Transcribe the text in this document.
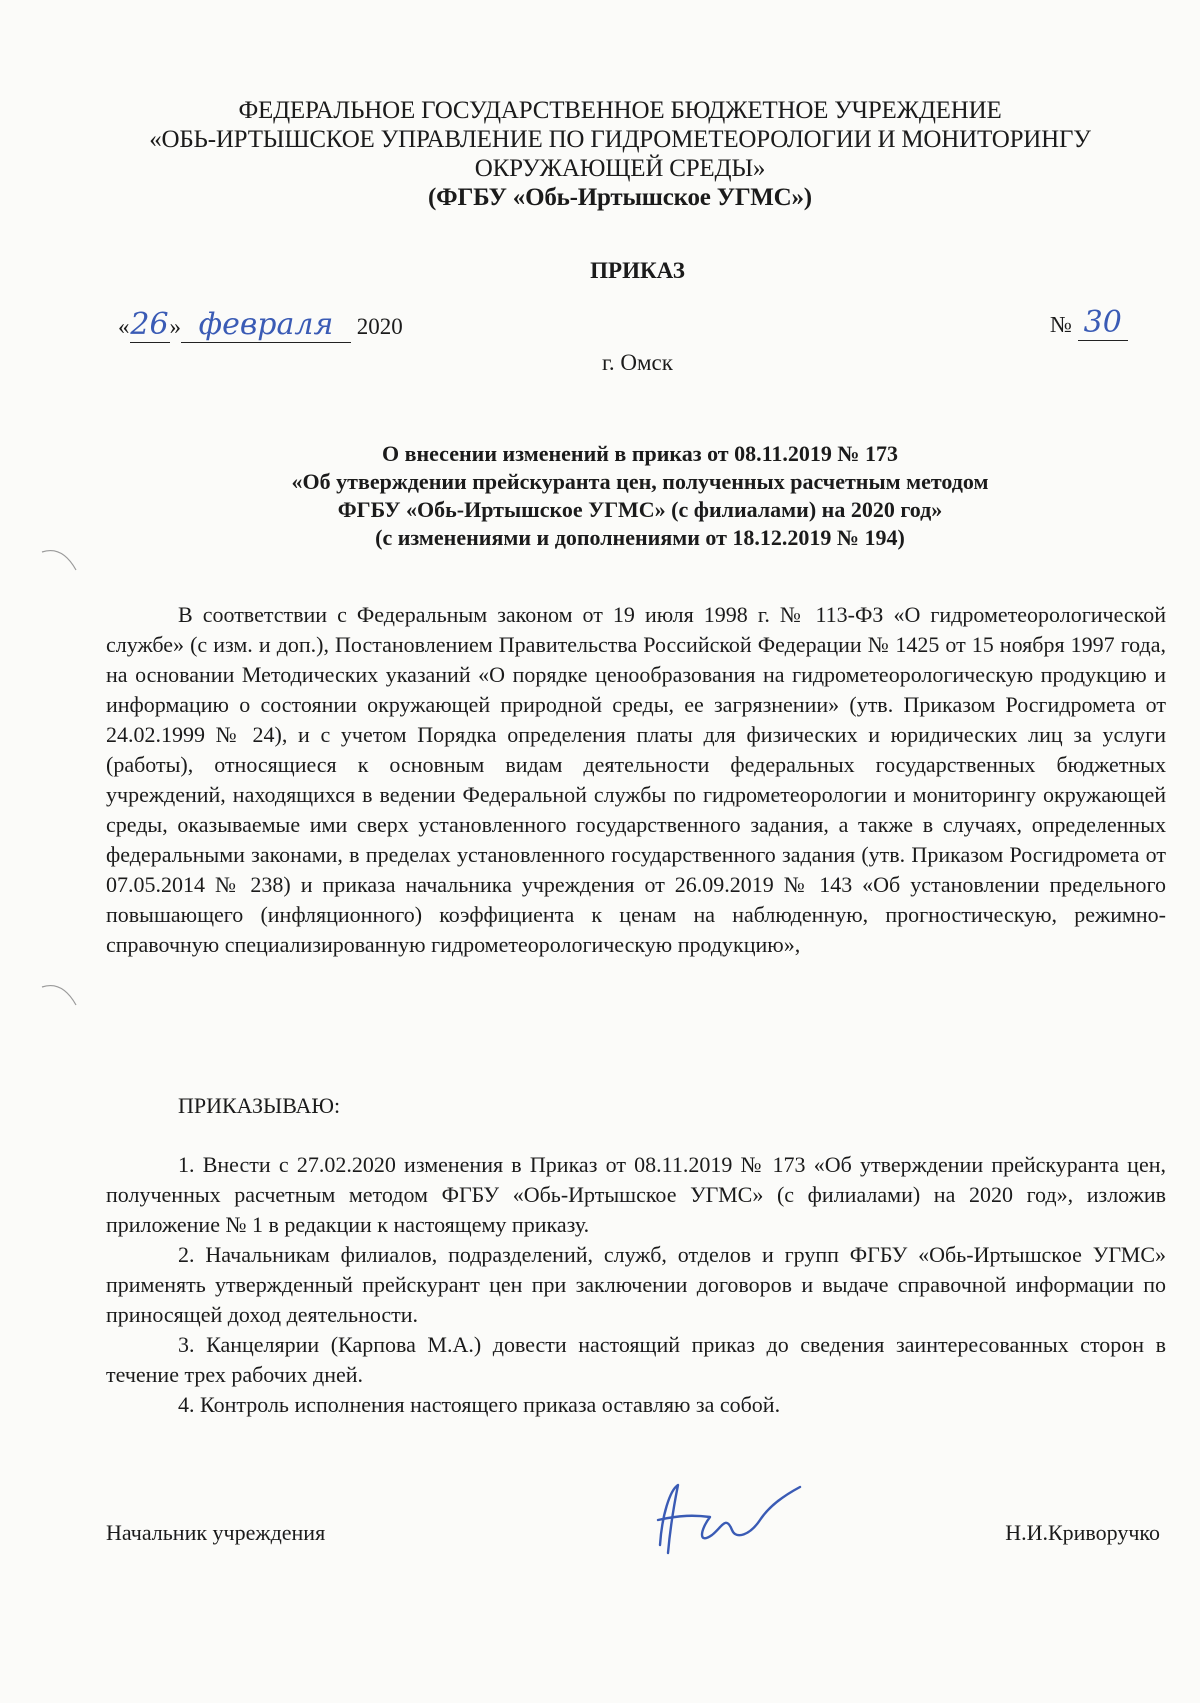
ФЕДЕРАЛЬНОЕ ГОСУДАРСТВЕННОЕ БЮДЖЕТНОЕ УЧРЕЖДЕНИЕ
«ОБЬ-ИРТЫШСКОЕ УПРАВЛЕНИЕ ПО ГИДРОМЕТЕОРОЛОГИИ И МОНИТОРИНГУ
ОКРУЖАЮЩЕЙ СРЕДЫ»
(ФГБУ «Обь-Иртышское УГМС»)
ПРИКАЗ
«26» февраля 2020	№ 30
г. Омск
О внесении изменений в приказ от 08.11.2019 № 173
«Об утверждении прейскуранта цен, полученных расчетным методом
ФГБУ «Обь-Иртышское УГМС» (с филиалами) на 2020 год»
(с изменениями и дополнениями от 18.12.2019 № 194)

В соответствии с Федеральным законом от 19 июля 1998 г. № 113-ФЗ «О гидрометеорологической службе» (с изм. и доп.), Постановлением Правительства Российской Федерации № 1425 от 15 ноября 1997 года, на основании Методических указаний «О порядке ценообразования на гидрометеорологическую продукцию и информацию о состоянии окружающей природной среды, ее загрязнении» (утв. Приказом Росгидромета от 24.02.1999 № 24), и с учетом Порядка определения платы для физических и юридических лиц за услуги (работы), относящиеся к основным видам деятельности федеральных государственных бюджетных учреждений, находящихся в ведении Федеральной службы по гидрометеорологии и мониторингу окружающей среды, оказываемые ими сверх установленного государственного задания, а также в случаях, определенных федеральными законами, в пределах установленного государственного задания (утв. Приказом Росгидромета от 07.05.2014 № 238) и приказа начальника учреждения от 26.09.2019 № 143 «Об установлении предельного повышающего (инфляционного) коэффициента к ценам на наблюденную, прогностическую, режимно-справочную специализированную гидрометеорологическую продукцию»,

ПРИКАЗЫВАЮ:

1. Внести с 27.02.2020 изменения в Приказ от 08.11.2019 № 173 «Об утверждении прейскуранта цен, полученных расчетным методом ФГБУ «Обь-Иртышское УГМС» (с филиалами) на 2020 год», изложив приложение № 1 в редакции к настоящему приказу.

2. Начальникам филиалов, подразделений, служб, отделов и групп ФГБУ «Обь-Иртышское УГМС» применять утвержденный прейскурант цен при заключении договоров и выдаче справочной информации по приносящей доход деятельности.

3. Канцелярии (Карпова М.А.) довести настоящий приказ до сведения заинтересованных сторон в течение трех рабочих дней.

4. Контроль исполнения настоящего приказа оставляю за собой.

Начальник учреждения	Н.И.Криворучко
